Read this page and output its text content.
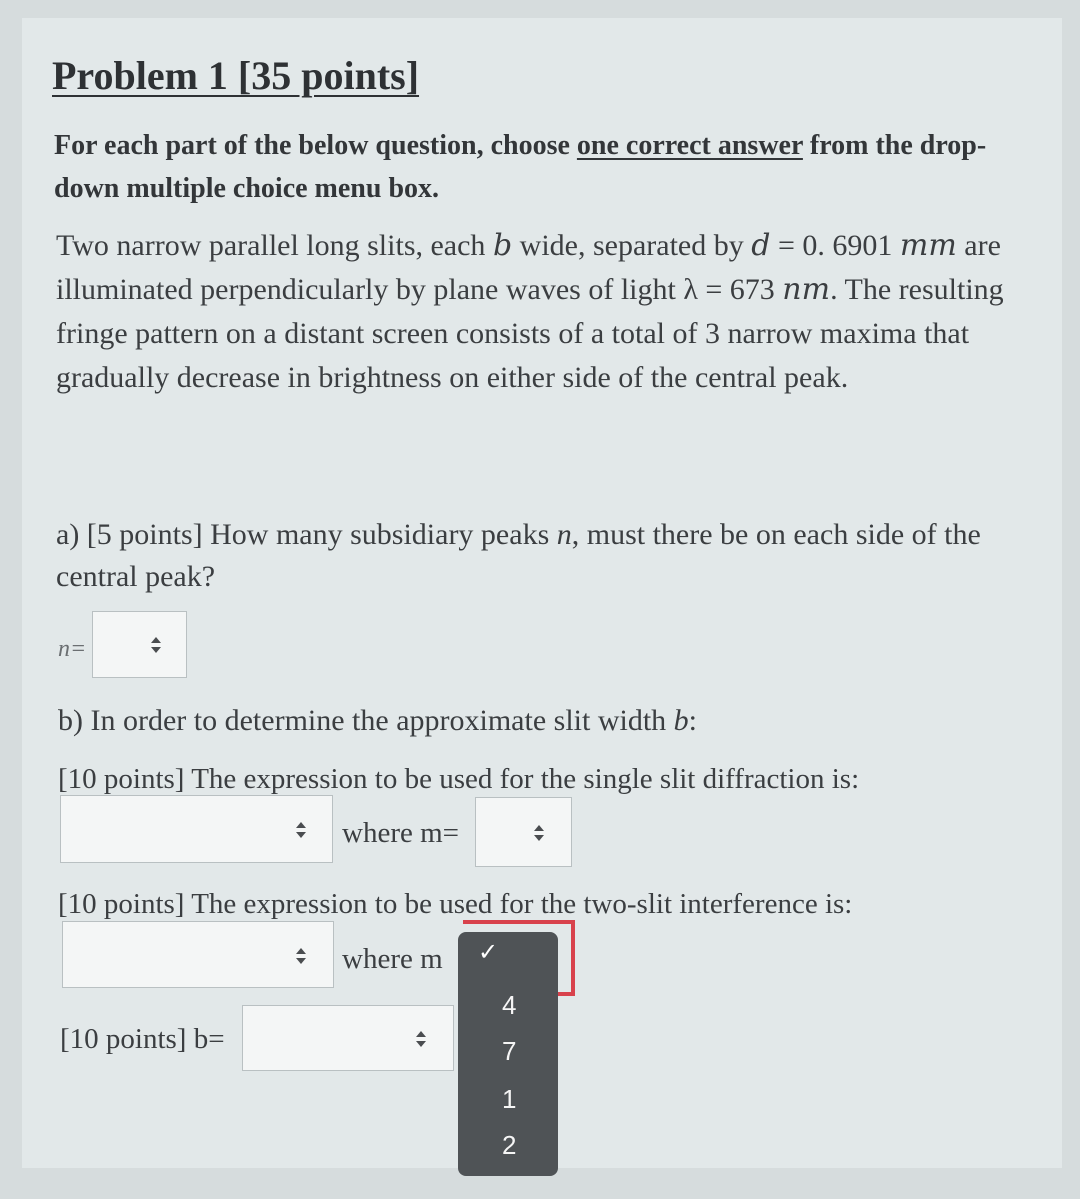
Problem 1 [35 points]
For each part of the below question, choose one correct answer from the drop-down multiple choice menu box.
Two narrow parallel long slits, each b wide, separated by d = 0. 6901 mm are illuminated perpendicularly by plane waves of light λ = 673 nm. The resulting fringe pattern on a distant screen consists of a total of 3 narrow maxima that gradually decrease in brightness on either side of the central peak.
a) [5 points] How many subsidiary peaks n, must there be on each side of the central peak?
n=
b) In order to determine the approximate slit width b:
[10 points] The expression to be used for the single slit diffraction is:
where m=
[10 points] The expression to be used for the two-slit interference is:
where m
[10 points] b=
✓
4
7
1
2
